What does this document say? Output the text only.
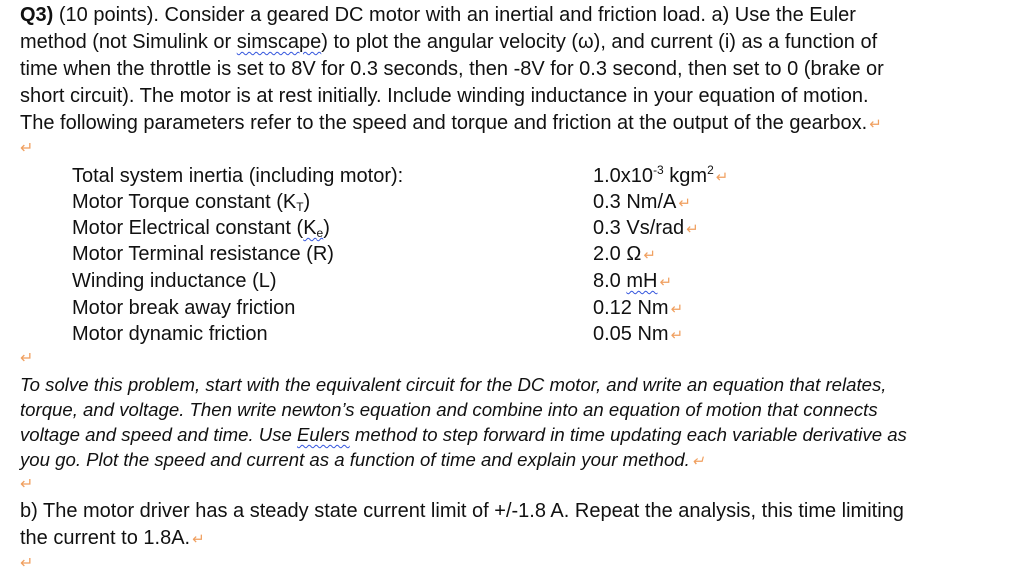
Q3) (10 points). Consider a geared DC motor with an inertial and friction load. a) Use the Euler
method (not Simulink or simscape) to plot the angular velocity (ω), and current (i) as a function of
time when the throttle is set to 8V for 0.3 seconds, then -8V for 0.3 second, then set to 0 (brake or
short circuit). The motor is at rest initially. Include winding inductance in your equation of motion.
The following parameters refer to the speed and torque and friction at the output of the gearbox. ↵
↵
Total system inertia (including motor):	$1.0x10^{-3}$ kgm$^2$ ↵
Motor Torque constant $(K_T)$	0.3 Nm/A ↵
Motor Electrical constant $(K_e)$	0.3 Vs/rad ↵
Motor Terminal resistance (R)	2.0 Ω ↵
Winding inductance (L)	8.0 mH ↵
Motor break away friction	0.12 Nm ↵
Motor dynamic friction	0.05 Nm ↵
↵
To solve this problem, start with the equivalent circuit for the DC motor, and write an equation that relates,
torque, and voltage. Then write newton’s equation and combine into an equation of motion that connects
voltage and speed and time. Use Eulers method to step forward in time updating each variable derivative as
you go. Plot the speed and current as a function of time and explain your method. ↵
↵
b) The motor driver has a steady state current limit of +/-1.8 A. Repeat the analysis, this time limiting
the current to 1.8A. ↵
↵
